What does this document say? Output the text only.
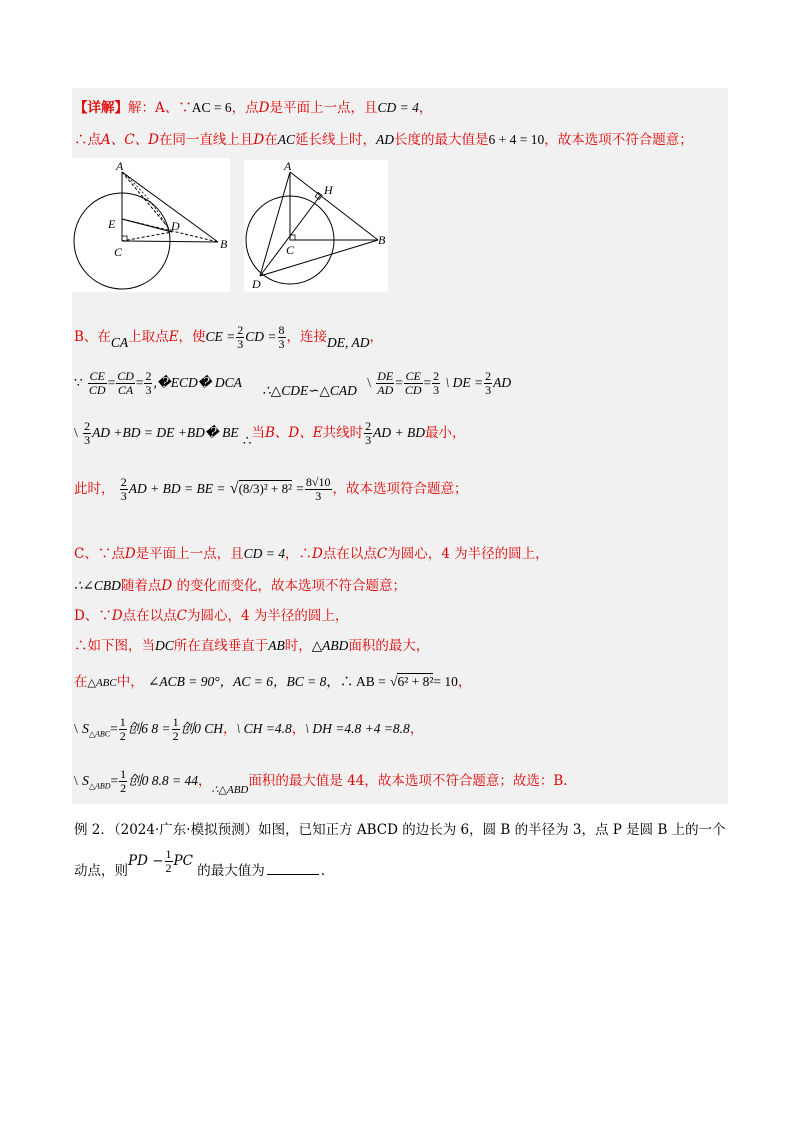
【详解】解：A、∵AC = 6，点D是平面上一点，且CD = 4，
∴点A、C、D在同一直线上且D在AC延长线上时，AD长度的最大值是6 + 4 = 10，故本选项不符合题意；
A
E	D
C
B
A
H
C
B
D
B、在CA上取点E，使CE = $\frac{2}{3}$ CD = $\frac{8}{3}$ ，连接DE, AD，
∵ $\frac{CE}{CD} = \frac{CD}{CA} = \frac{2}{3}$ ,�ECD� DCA ∴△CDE∽△CAD \ $\frac{DE}{AD} = \frac{CE}{CD} = \frac{2}{3}$ \ DE = $\frac{2}{3}$ AD
\ $\frac{2}{3}$ AD +BD = DE +BD� BE ∴当B、D、E共线时 $\frac{2}{3}$ AD + BD最小，
此时， $\frac{2}{3}$ AD + BD = BE = $√(8/3)^2 + 8^2 = \frac{8√10}{3}$ ，故本选项符合题意；
C、∵点D是平面上一点，且CD = 4，∴D点在以点C为圆心，4 为半径的圆上，
∴∠CBD随着点D 的变化而变化，故本选项不符合题意；
D、∵D点在以点C为圆心，4 为半径的圆上，
∴如下图，当DC所在直线垂直于AB时，△ABD面积的最大，
在△ABC中， ∠ACB = 90°，AC = 6，BC = 8，∴ AB = √6² + 8²= 10，
\ $S_{\triangle ABC}= \frac{1}{2}$ 创6 $8 = \frac{1}{2}$ 创0 CH，\ CH =4.8，\ DH =4.8 +4 =8.8，
\ $S_{\triangle ABD}= \frac{1}{2}$ 创0 8.8 = 44，$_{\therefore\triangle ABD}$面积的最大值是 44，故本选项不符合题意；故选：B.
例 2．（2024·广东·模拟预测）如图，已知正方 ABCD 的边长为 6，圆 B 的半径为 3，点 P 是圆 B 上的一个
动点，则PD − $\frac{1}{2}$ PC 的最大值为	.
